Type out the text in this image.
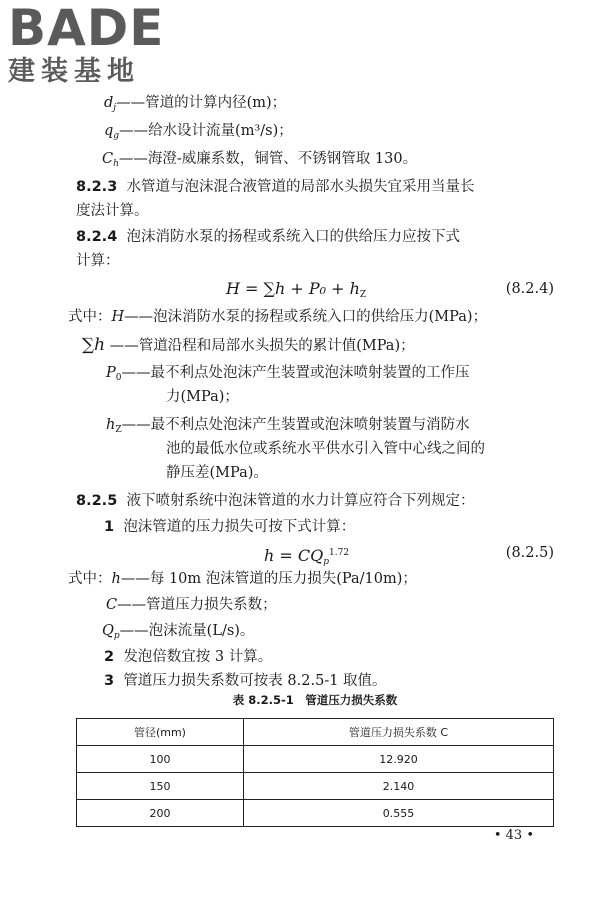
BADE
建装基地
$d_j——$管道的计算内径(m)；
$q_g——$给水设计流量(m³/s)；
$C_h——$海澄-威廉系数，铜管、不锈钢管取 130。
8.2.3 水管道与泡沫混合液管道的局部水头损失宜采用当量长
度法计算。
8.2.4 泡沫消防水泵的扬程或系统入口的供给压力应按下式
计算：
$H = \sum h + P_0 + h_Z$	(8.2.4)
式中：H——泡沫消防水泵的扬程或系统入口的供给压力(MPa)；
∑h ——管道沿程和局部水头损失的累计值(MPa)；
$P_0——$最不利点处泡沫产生装置或泡沫喷射装置的工作压
力(MPa)；
$h_Z——$最不利点处泡沫产生装置或泡沫喷射装置与消防水
池的最低水位或系统水平供水引入管中心线之间的
静压差(MPa)。
8.2.5 液下喷射系统中泡沫管道的水力计算应符合下列规定：
1 泡沫管道的压力损失可按下式计算：
$h = CQ_p^{1.72}$	(8.2.5)
式中：h——每 10m 泡沫管道的压力损失(Pa/10m)；
C——管道压力损失系数；
$Q_p——$泡沫流量(L/s)。
2 发泡倍数宜按 3 计算。
3 管道压力损失系数可按表 8.2.5-1 取值。
表 8.2.5-1　管道压力损失系数
管径(mm)	管道压力损失系数 C
100	12.920
150	2.140
200	0.555
• 43 •
